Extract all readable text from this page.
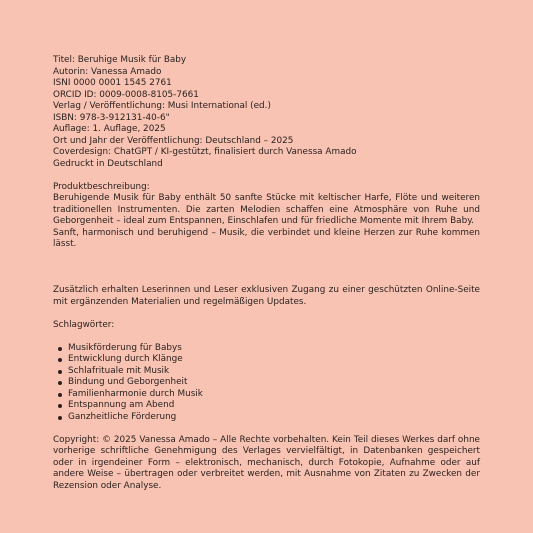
Titel: Beruhige Musik für Baby
Autorin: Vanessa Amado
ISNI 0000 0001 1545 2761
ORCID ID: 0009-0008-8105-7661
Verlag / Veröffentlichung: Musi International (ed.)
ISBN: 978-3-912131-40-6"
Auflage: 1. Auflage, 2025
Ort und Jahr der Veröffentlichung: Deutschland – 2025
Coverdesign: ChatGPT / KI-gestützt, finalisiert durch Vanessa Amado
Gedruckt in Deutschland
Produktbeschreibung:
Beruhigende Musik für Baby enthält 50 sanfte Stücke mit keltischer Harfe, Flöte und weiteren traditionellen Instrumenten. Die zarten Melodien schaffen eine Atmosphäre von Ruhe und Geborgenheit – ideal zum Entspannen, Einschlafen und für friedliche Momente mit Ihrem Baby.
Sanft, harmonisch und beruhigend – Musik, die verbindet und kleine Herzen zur Ruhe kommen lässt.
Zusätzlich erhalten Leserinnen und Leser exklusiven Zugang zu einer geschützten Online-Seite mit ergänzenden Materialien und regelmäßigen Updates.
Schlagwörter:
Musikförderung für Babys
Entwicklung durch Klänge
Schlafrituale mit Musik
Bindung und Geborgenheit
Familienharmonie durch Musik
Entspannung am Abend
Ganzheitliche Förderung
Copyright: © 2025 Vanessa Amado – Alle Rechte vorbehalten. Kein Teil dieses Werkes darf ohne vorherige schriftliche Genehmigung des Verlages vervielfältigt, in Datenbanken gespeichert oder in irgendeiner Form – elektronisch, mechanisch, durch Fotokopie, Aufnahme oder auf andere Weise – übertragen oder verbreitet werden, mit Ausnahme von Zitaten zu Zwecken der Rezension oder Analyse.
